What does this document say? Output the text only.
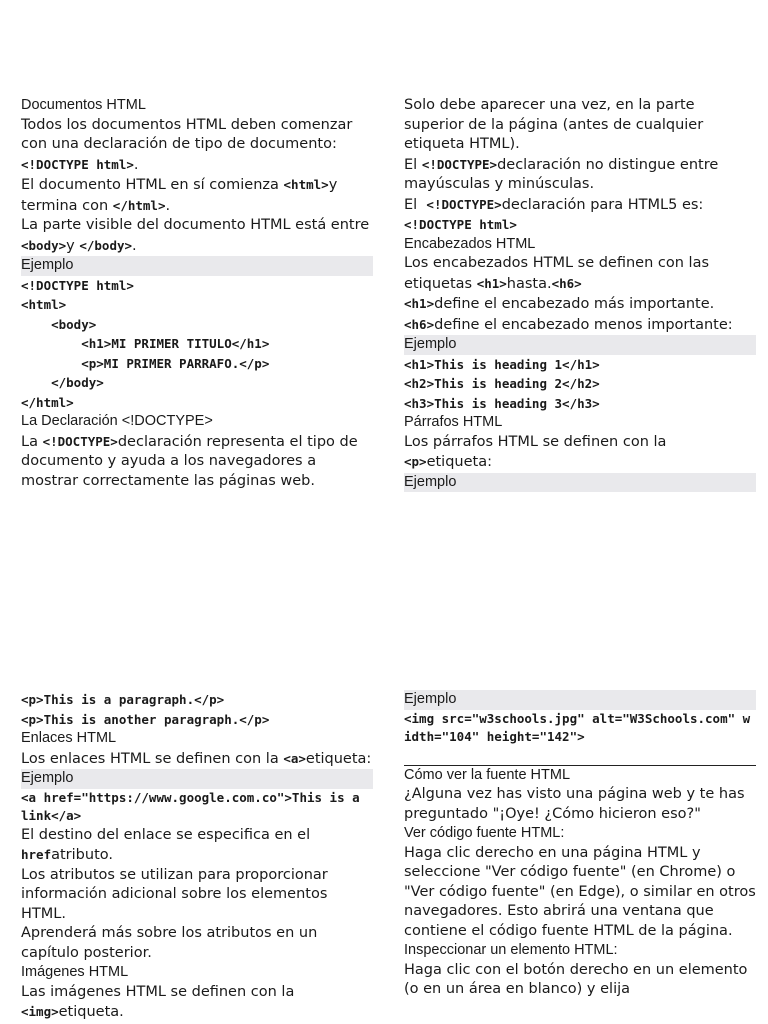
Documentos HTML

Todos los documentos HTML deben comenzar con una declaración de tipo de documento: <!DOCTYPE html>.

El documento HTML en sí comienza <html>y termina con </html>.

La parte visible del documento HTML está entre <body>y </body>.

Ejemplo

<!DOCTYPE html>

<html>

<body>

<h1>MI PRIMER TITULO</h1>

<p>MI PRIMER PARRAFO.</p>

</body>

</html>

La Declaración <!DOCTYPE>

La <!DOCTYPE>declaración representa el tipo de documento y ayuda a los navegadores a mostrar correctamente las páginas web.

Solo debe aparecer una vez, en la parte superior de la página (antes de cualquier etiqueta HTML).

El <!DOCTYPE>declaración no distingue entre mayúsculas y minúsculas.

El  <!DOCTYPE>declaración para HTML5 es:

<!DOCTYPE html>

Encabezados HTML

Los encabezados HTML se definen con las etiquetas <h1>hasta.<h6>
<h1>define el encabezado más importante. <h6>define el encabezado menos importante:

Ejemplo

<h1>This is heading 1</h1>

<h2>This is heading 2</h2>

<h3>This is heading 3</h3>

Párrafos HTML

Los párrafos HTML se definen con la <p>etiqueta:

Ejemplo

<p>This is a paragraph.</p>

<p>This is another paragraph.</p>

Enlaces HTML

Los enlaces HTML se definen con la <a>etiqueta:

Ejemplo

<a href="https://www.google.com.co">This is a link</a>

El destino del enlace se especifica en el hrefatributo.

Los atributos se utilizan para proporcionar información adicional sobre los elementos HTML.

Aprenderá más sobre los atributos en un capítulo posterior.

Imágenes HTML

Las imágenes HTML se definen con la <img>etiqueta.

Ejemplo

<img src="w3schools.jpg" alt="W3Schools.com" width="104" height="142">

Cómo ver la fuente HTML

¿Alguna vez has visto una página web y te has preguntado "¡Oye! ¿Cómo hicieron eso?"

Ver código fuente HTML:

Haga clic derecho en una página HTML y seleccione "Ver código fuente" (en Chrome) o "Ver código fuente" (en Edge), o similar en otros navegadores. Esto abrirá una ventana que contiene el código fuente HTML de la página.

Inspeccionar un elemento HTML:

Haga clic con el botón derecho en un elemento (o en un área en blanco) y elija
